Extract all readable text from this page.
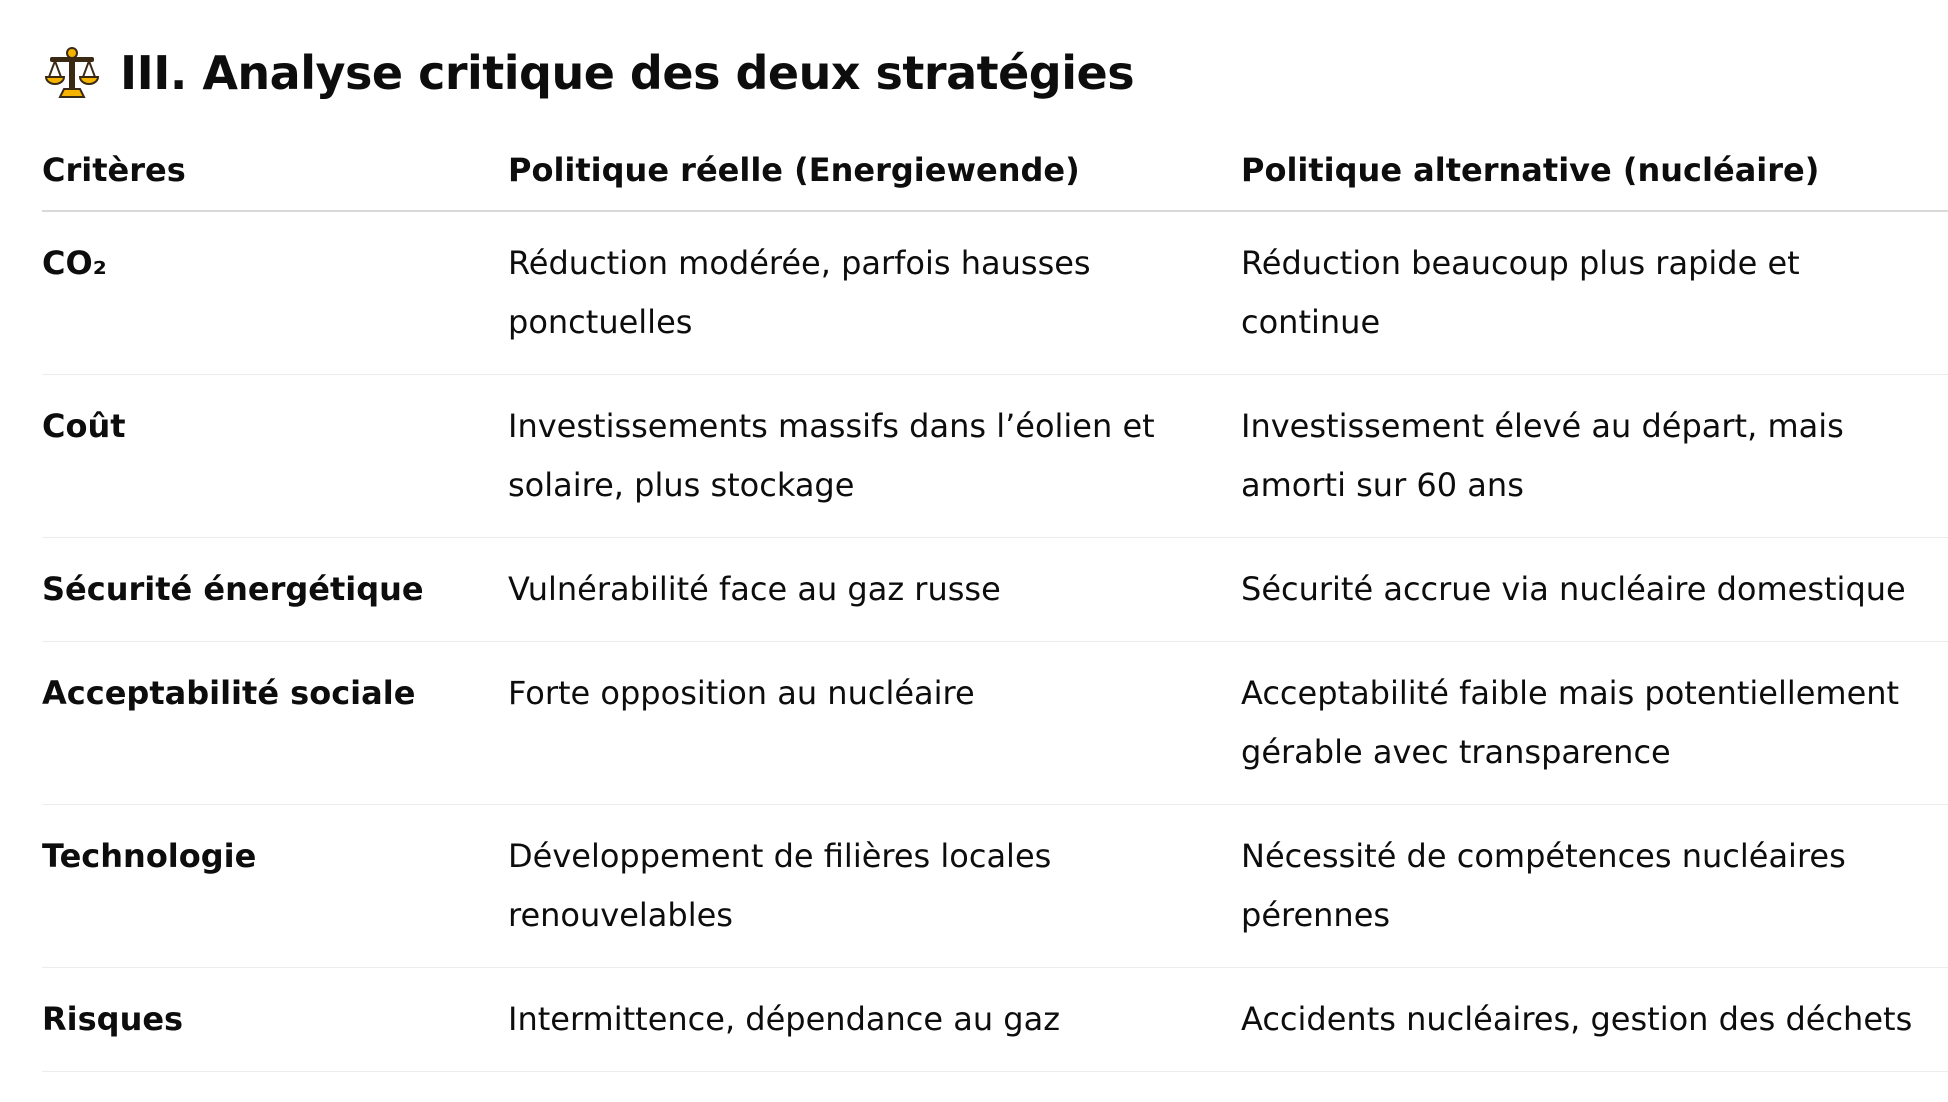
III. Analyse critique des deux stratégies
Critères	Politique réelle (Energiewende)	Politique alternative (nucléaire)
CO₂	Réduction modérée, parfois hausses ponctuelles	Réduction beaucoup plus rapide et continue
Coût	Investissements massifs dans l’éolien et solaire, plus stockage	Investissement élevé au départ, mais amorti sur 60 ans
Sécurité énergétique	Vulnérabilité face au gaz russe	Sécurité accrue via nucléaire domestique
Acceptabilité sociale	Forte opposition au nucléaire	Acceptabilité faible mais potentiellement gérable avec transparence
Technologie	Développement de filières locales renouvelables	Nécessité de compétences nucléaires pérennes
Risques	Intermittence, dépendance au gaz	Accidents nucléaires, gestion des déchets
